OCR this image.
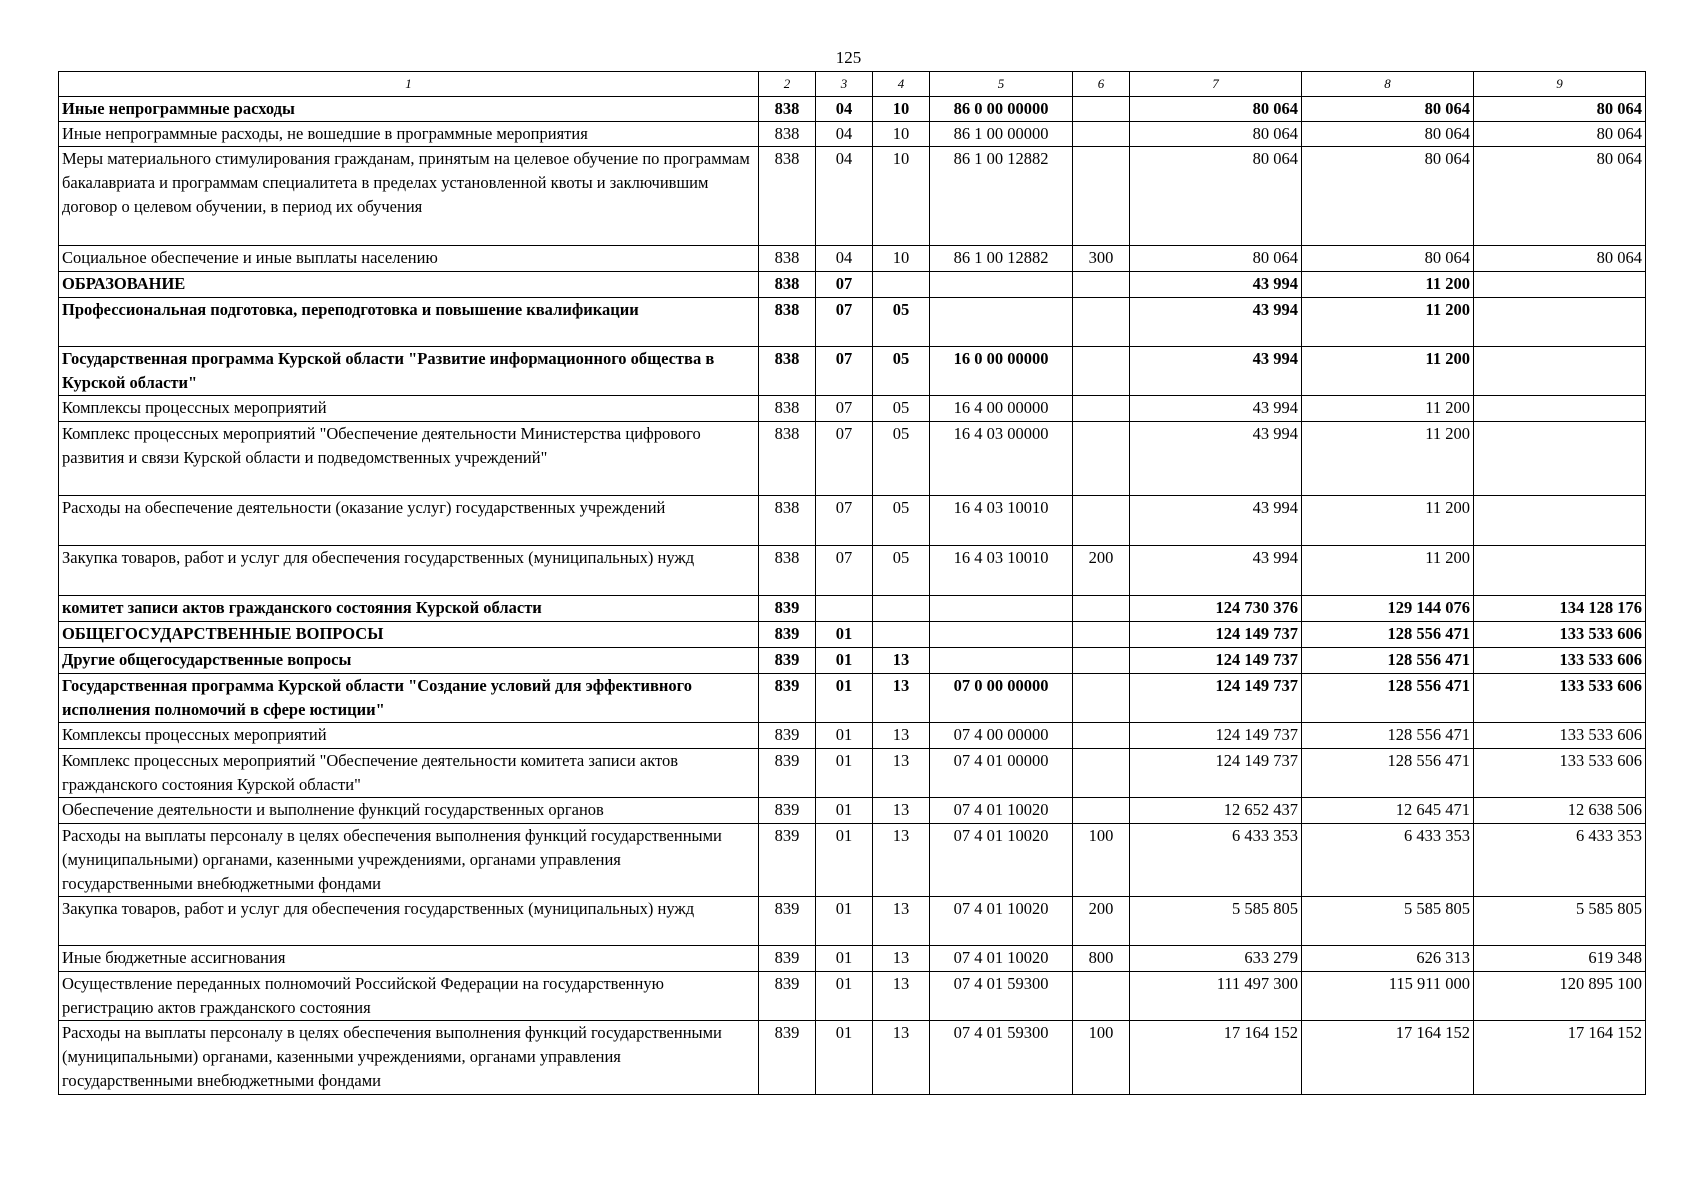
125
1	2	3	4	5	6	7	8	9
Иные непрограммные расходы	838	04	10	86 0 00 00000		80 064	80 064	80 064
Иные непрограммные расходы, не вошедшие в программные мероприятия	838	04	10	86 1 00 00000		80 064	80 064	80 064
Меры материального стимулирования гражданам, принятым на целевое обучение по программам бакалавриата и программам специалитета в пределах установленной квоты и заключившим договор о целевом обучении, в период их обучения	838	04	10	86 1 00 12882		80 064	80 064	80 064
Социальное обеспечение и иные выплаты населению	838	04	10	86 1 00 12882	300	80 064	80 064	80 064
ОБРАЗОВАНИЕ	838	07				43 994	11 200	
Профессиональная подготовка, переподготовка и повышение квалификации	838	07	05			43 994	11 200	
Государственная программа Курской области "Развитие информационного общества в Курской области"	838	07	05	16 0 00 00000		43 994	11 200	
Комплексы процессных мероприятий	838	07	05	16 4 00 00000		43 994	11 200	
Комплекс процессных мероприятий "Обеспечение деятельности Министерства цифрового развития и связи Курской области и подведомственных учреждений"	838	07	05	16 4 03 00000		43 994	11 200	
Расходы на обеспечение деятельности (оказание услуг) государственных учреждений	838	07	05	16 4 03 10010		43 994	11 200	
Закупка товаров, работ и услуг для обеспечения государственных (муниципальных) нужд	838	07	05	16 4 03 10010	200	43 994	11 200	
комитет записи актов гражданского состояния Курской области	839					124 730 376	129 144 076	134 128 176
ОБЩЕГОСУДАРСТВЕННЫЕ ВОПРОСЫ	839	01				124 149 737	128 556 471	133 533 606
Другие общегосударственные вопросы	839	01	13			124 149 737	128 556 471	133 533 606
Государственная программа Курской области "Создание условий для эффективного исполнения полномочий в сфере юстиции"	839	01	13	07 0 00 00000		124 149 737	128 556 471	133 533 606
Комплексы процессных мероприятий	839	01	13	07 4 00 00000		124 149 737	128 556 471	133 533 606
Комплекс процессных мероприятий "Обеспечение деятельности комитета записи актов гражданского состояния Курской области"	839	01	13	07 4 01 00000		124 149 737	128 556 471	133 533 606
Обеспечение деятельности и выполнение функций государственных органов	839	01	13	07 4 01 10020		12 652 437	12 645 471	12 638 506
Расходы на выплаты персоналу в целях обеспечения выполнения функций государственными (муниципальными) органами, казенными учреждениями, органами управления государственными внебюджетными фондами	839	01	13	07 4 01 10020	100	6 433 353	6 433 353	6 433 353
Закупка товаров, работ и услуг для обеспечения государственных (муниципальных) нужд	839	01	13	07 4 01 10020	200	5 585 805	5 585 805	5 585 805
Иные бюджетные ассигнования	839	01	13	07 4 01 10020	800	633 279	626 313	619 348
Осуществление переданных полномочий Российской Федерации на государственную регистрацию актов гражданского состояния	839	01	13	07 4 01 59300		111 497 300	115 911 000	120 895 100
Расходы на выплаты персоналу в целях обеспечения выполнения функций государственными (муниципальными) органами, казенными учреждениями, органами управления государственными внебюджетными фондами	839	01	13	07 4 01 59300	100	17 164 152	17 164 152	17 164 152
